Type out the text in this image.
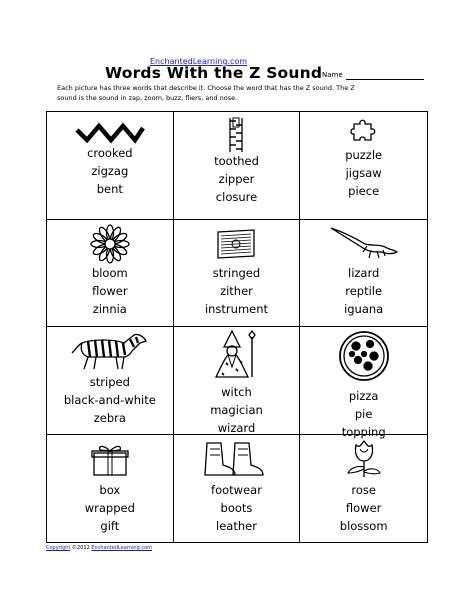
EnchantedLearning.com
Words With the Z Sound Name
Each picture has three words that describe it. Choose the word that has the Z sound. The Z sound is the sound in zap, zoom, buzz, fliers, and nose.
crooked
zigzag
bent
toothed
zipper
closure
puzzle
jigsaw
piece
bloom
flower
zinnia
stringed
zither
instrument
lizard
reptile
iguana
striped
black-and-white
zebra
witch
magician
wizard
pizza
pie
topping
box
wrapped
gift
footwear
boots
leather
rose
flower
blossom
Copyright ©2012 EnchantedLearning.com
